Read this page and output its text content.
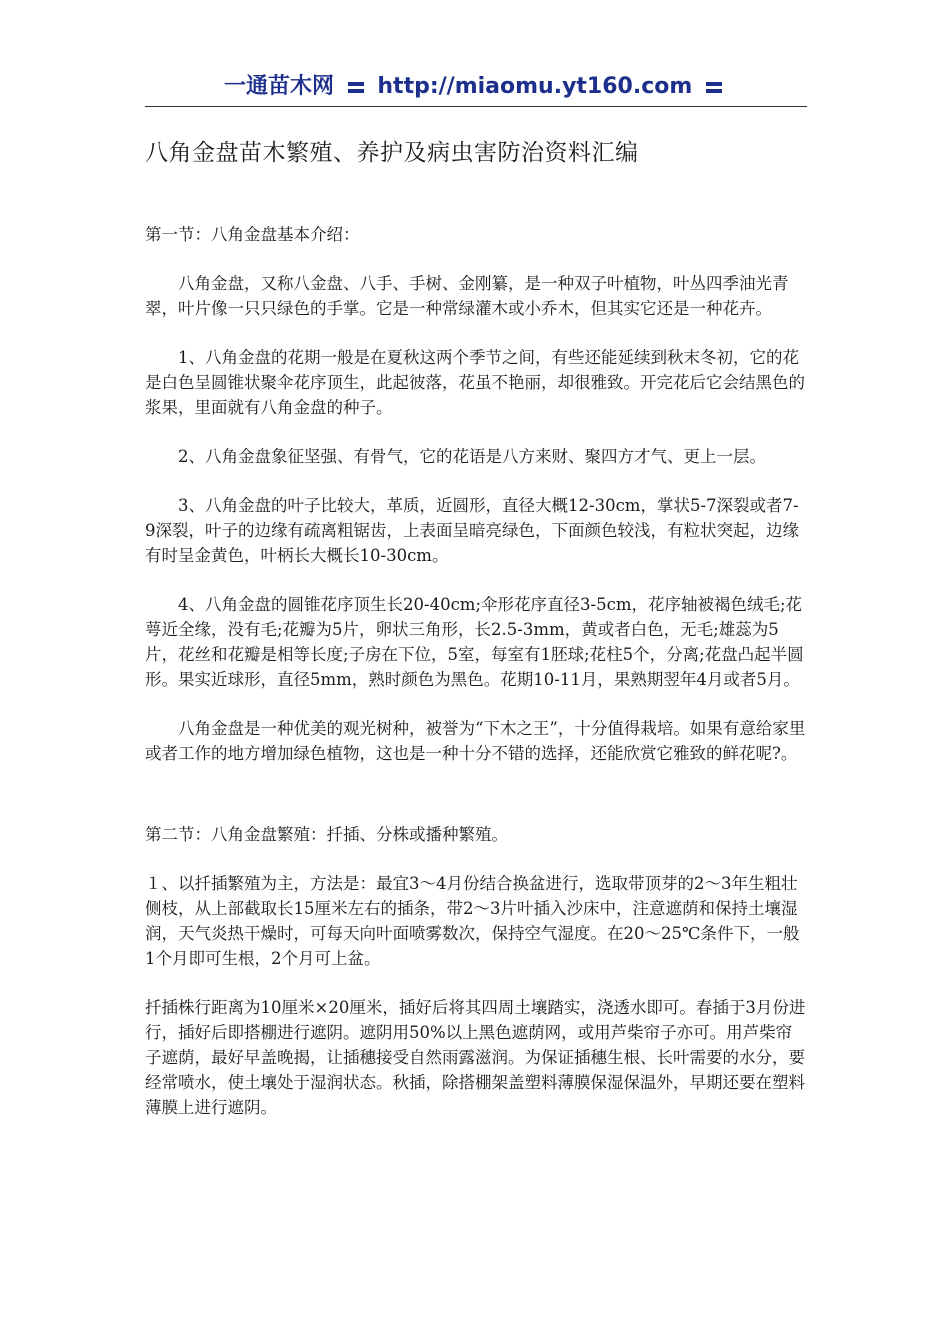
一通苗木网 http://miaomu.yt160.com
八角金盘苗木繁殖、养护及病虫害防治资料汇编

第一节：八角金盘基本介绍：

八角金盘，又称八金盘、八手、手树、金刚纂，是一种双子叶植物，叶丛四季油光青翠，叶片像一只只绿色的手掌。它是一种常绿灌木或小乔木，但其实它还是一种花卉。

1、八角金盘的花期一般是在夏秋这两个季节之间，有些还能延续到秋末冬初，它的花是白色呈圆锥状聚伞花序顶生，此起彼落，花虽不艳丽，却很雅致。开完花后它会结黑色的浆果，里面就有八角金盘的种子。

2、八角金盘象征坚强、有骨气，它的花语是八方来财、聚四方才气、更上一层。

3、八角金盘的叶子比较大，革质，近圆形，直径大概12-30cm，掌状5-7深裂或者7-9深裂，叶子的边缘有疏离粗锯齿，上表面呈暗亮绿色，下面颜色较浅，有粒状突起，边缘有时呈金黄色，叶柄长大概长10-30cm。

4、八角金盘的圆锥花序顶生长20-40cm;伞形花序直径3-5cm，花序轴被褐色绒毛;花萼近全缘，没有毛;花瓣为5片，卵状三角形，长2.5-3mm，黄或者白色，无毛;雄蕊为5片，花丝和花瓣是相等长度;子房在下位，5室，每室有1胚球;花柱5个，分离;花盘凸起半圆形。果实近球形，直径5mm，熟时颜色为黑色。花期10-11月，果熟期翌年4月或者5月。

八角金盘是一种优美的观光树种，被誉为“下木之王”，十分值得栽培。如果有意给家里或者工作的地方增加绿色植物，这也是一种十分不错的选择，还能欣赏它雅致的鲜花呢?。

第二节：八角金盘繁殖：扦插、分株或播种繁殖。

１、以扦插繁殖为主，方法是：最宜3～4月份结合换盆进行，选取带顶芽的2～3年生粗壮侧枝，从上部截取长15厘米左右的插条，带2～3片叶插入沙床中，注意遮荫和保持土壤湿润，天气炎热干燥时，可每天向叶面喷雾数次，保持空气湿度。在20～25℃条件下，一般1个月即可生根，2个月可上盆。

扦插株行距离为10厘米×20厘米，插好后将其四周土壤踏实，浇透水即可。春插于3月份进行，插好后即搭棚进行遮阴。遮阴用50%以上黑色遮荫网，或用芦柴帘子亦可。用芦柴帘子遮荫，最好早盖晚揭，让插穗接受自然雨露滋润。为保证插穗生根、长叶需要的水分，要经常喷水，使土壤处于湿润状态。秋插，除搭棚架盖塑料薄膜保湿保温外，早期还要在塑料薄膜上进行遮阴。
